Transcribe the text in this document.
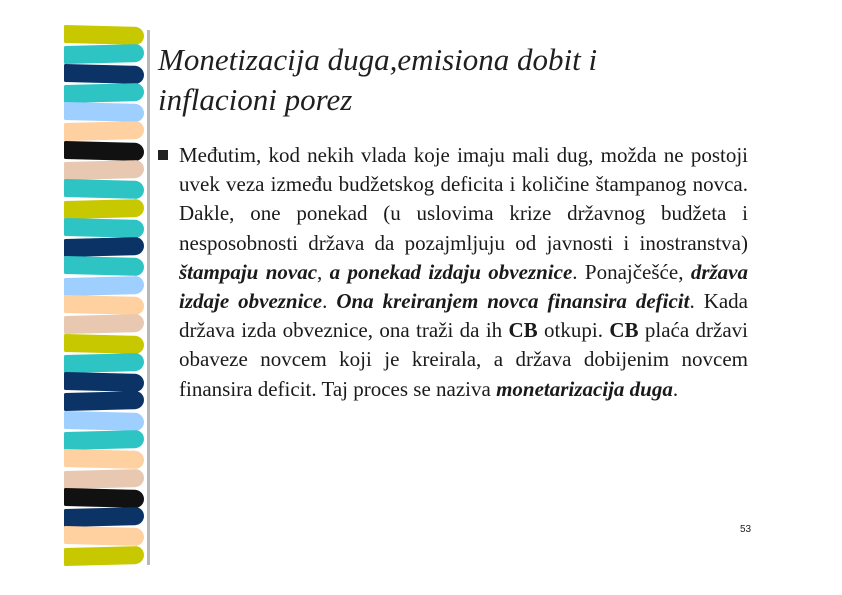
Monetizacija duga,emisiona dobit i
inflacioni porez

Međutim, kod nekih vlada koje imaju mali dug, možda ne postoji uvek veza između budžetskog deficita i količine štampanog novca. Dakle, one ponekad (u uslovima krize državnog budžeta i nesposobnosti država da pozajmljuju od javnosti i inostranstva) štampaju novac, a ponekad izdaju obveznice. Ponajčešće, država izdaje obveznice. Ona kreiranjem novca finansira deficit. Kada država izda obveznice, ona traži da ih CB otkupi. CB plaća državi obaveze novcem koji je kreirala, a država dobijenim novcem finansira deficit. Taj proces se naziva monetarizacija duga.

53
